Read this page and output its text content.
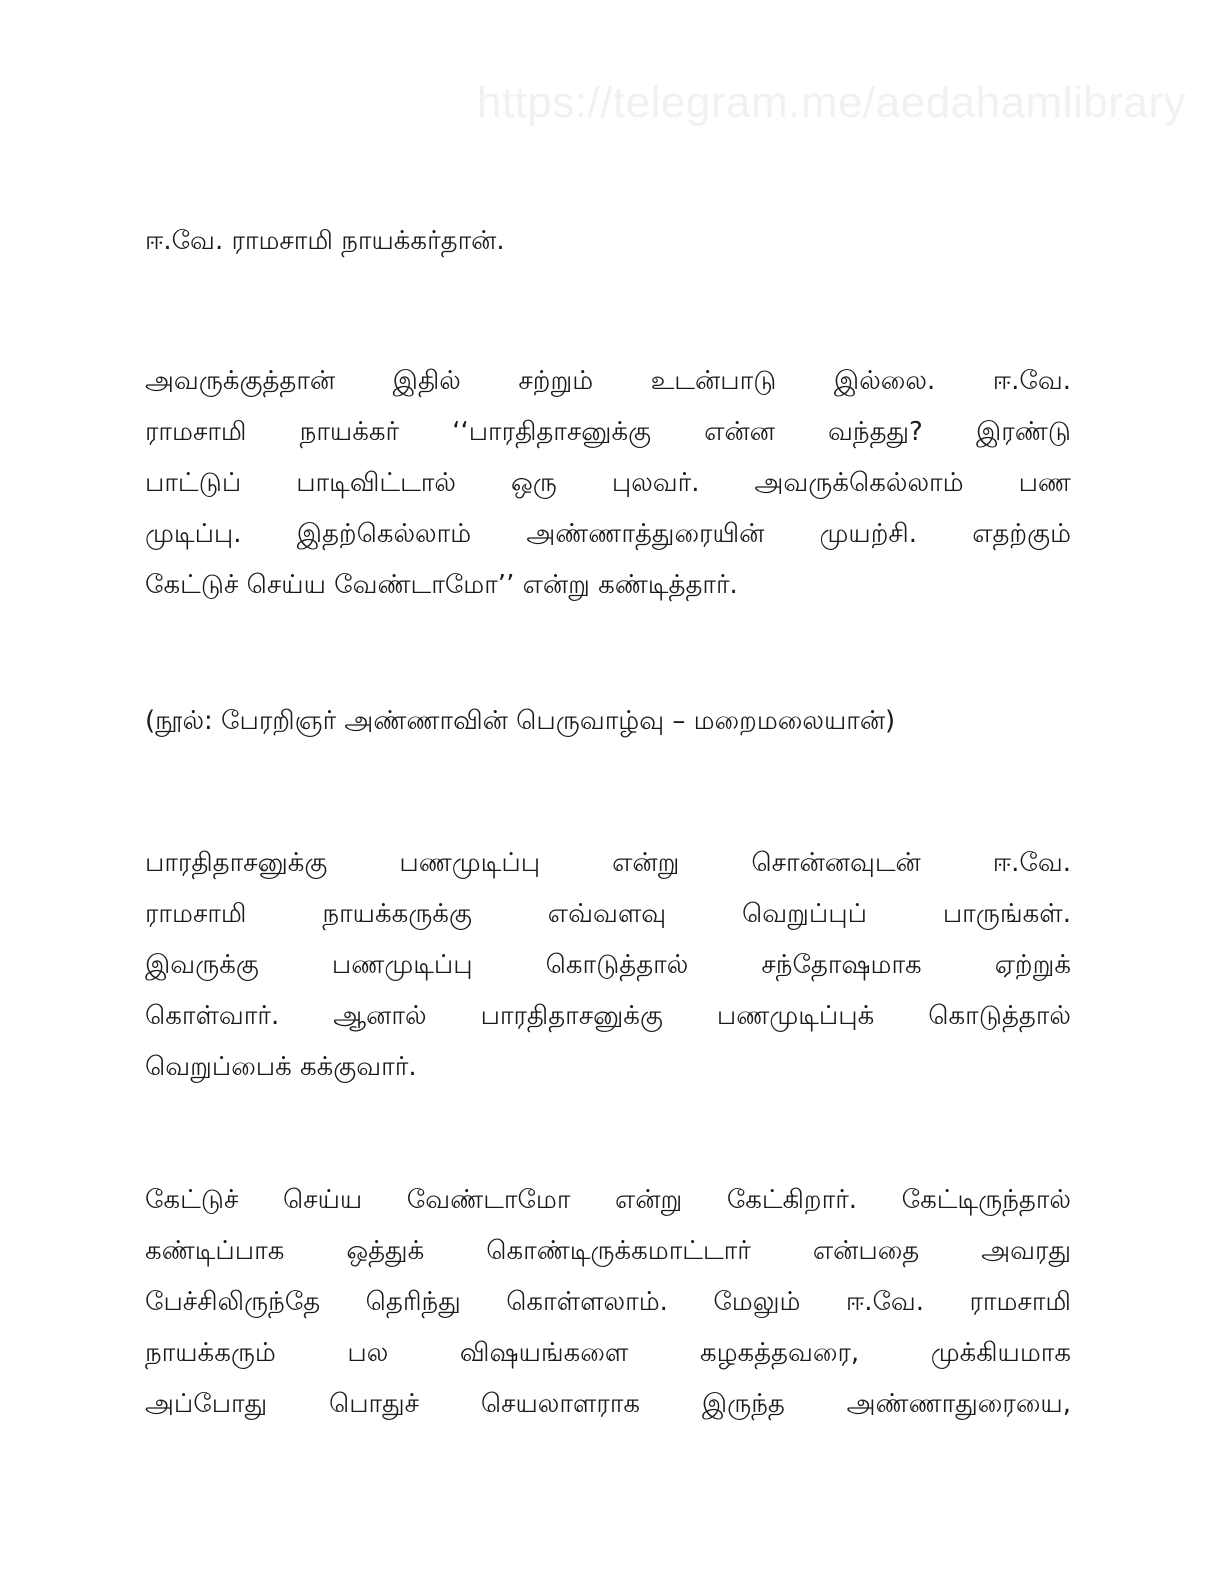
https://telegram.me/aedahamlibrary
ஈ.வே. ராமசாமி நாயக்கர்தான்.
அவருக்குத்தான் இதில் சற்றும் உடன்பாடு இல்லை. ஈ.வே.
ராமசாமி நாயக்கர் ‘‘பாரதிதாசனுக்கு என்ன வந்தது? இரண்டு
பாட்டுப் பாடிவிட்டால் ஒரு புலவர். அவருக்கெல்லாம் பண
முடிப்பு. இதற்கெல்லாம் அண்ணாத்துரையின் முயற்சி. எதற்கும்
கேட்டுச் செய்ய வேண்டாமோ’’ என்று கண்டித்தார்.
(நூல்: பேரறிஞர் அண்ணாவின் பெருவாழ்வு – மறைமலையான்)
பாரதிதாசனுக்கு பணமுடிப்பு என்று சொன்னவுடன் ஈ.வே.
ராமசாமி நாயக்கருக்கு எவ்வளவு வெறுப்புப் பாருங்கள்.
இவருக்கு பணமுடிப்பு கொடுத்தால் சந்தோஷமாக ஏற்றுக்
கொள்வார். ஆனால் பாரதிதாசனுக்கு பணமுடிப்புக் கொடுத்தால்
வெறுப்பைக் கக்குவார்.
கேட்டுச் செய்ய வேண்டாமோ என்று கேட்கிறார். கேட்டிருந்தால்
கண்டிப்பாக ஒத்துக் கொண்டிருக்கமாட்டார் என்பதை அவரது
பேச்சிலிருந்தே தெரிந்து கொள்ளலாம். மேலும் ஈ.வே. ராமசாமி
நாயக்கரும் பல விஷயங்களை கழகத்தவரை, முக்கியமாக
அப்போது பொதுச் செயலாளராக இருந்த அண்ணாதுரையை,
